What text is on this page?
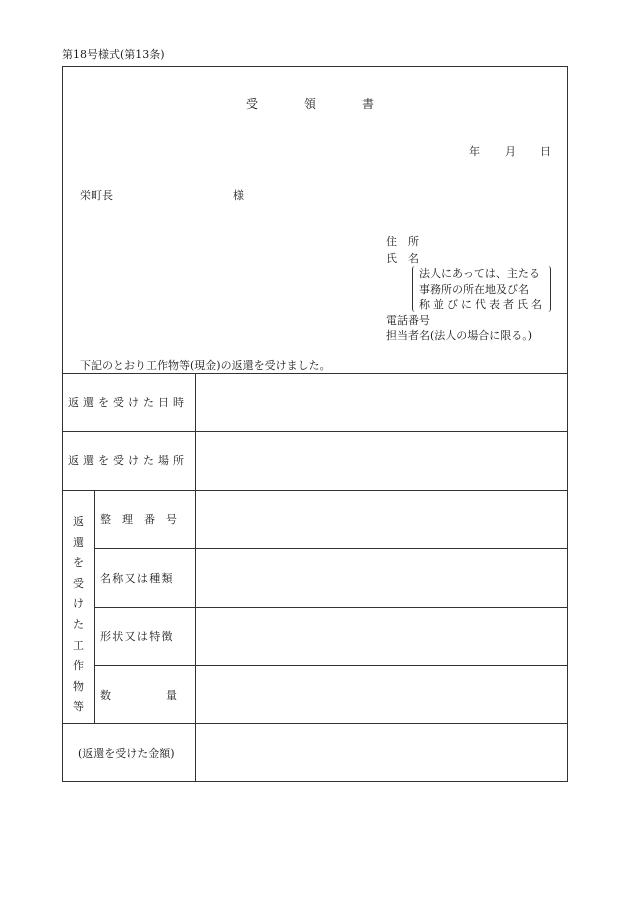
第18号様式(第13条)
受領書
年 月 日
栄町長	様
住　所
氏　名
法人にあっては、主たる
事務所の所在地及び名
称並びに代表者氏名
電話番号
担当者名(法人の場合に限る。)
下記のとおり工作物等(現金)の返還を受けました。
返還を受けた日時
返還を受けた場所
返
還
を
受
け
た
工
作
物
等
整　理　番　号
名称又は種類
形状又は特徴
数　　　　　量
(返還を受けた金額)
